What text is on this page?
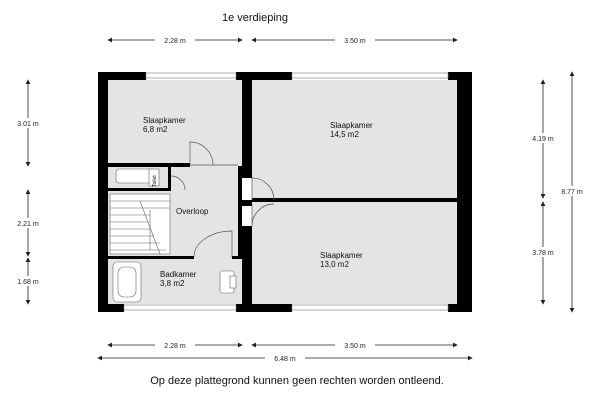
1e verdieping
Toilet
Slaapkamer
6,8 m2	Slaapkamer
14,5 m2
Overloop
Slaapkamer
13,0 m2
Badkamer
3,8 m2
2.28 m	3.50 m
2.28 m	3.50 m
6.48 m
3.01 m
2.21 m
1.68 m
4.19 m
3.78 m
8.77 m
Op deze plattegrond kunnen geen rechten worden ontleend.
